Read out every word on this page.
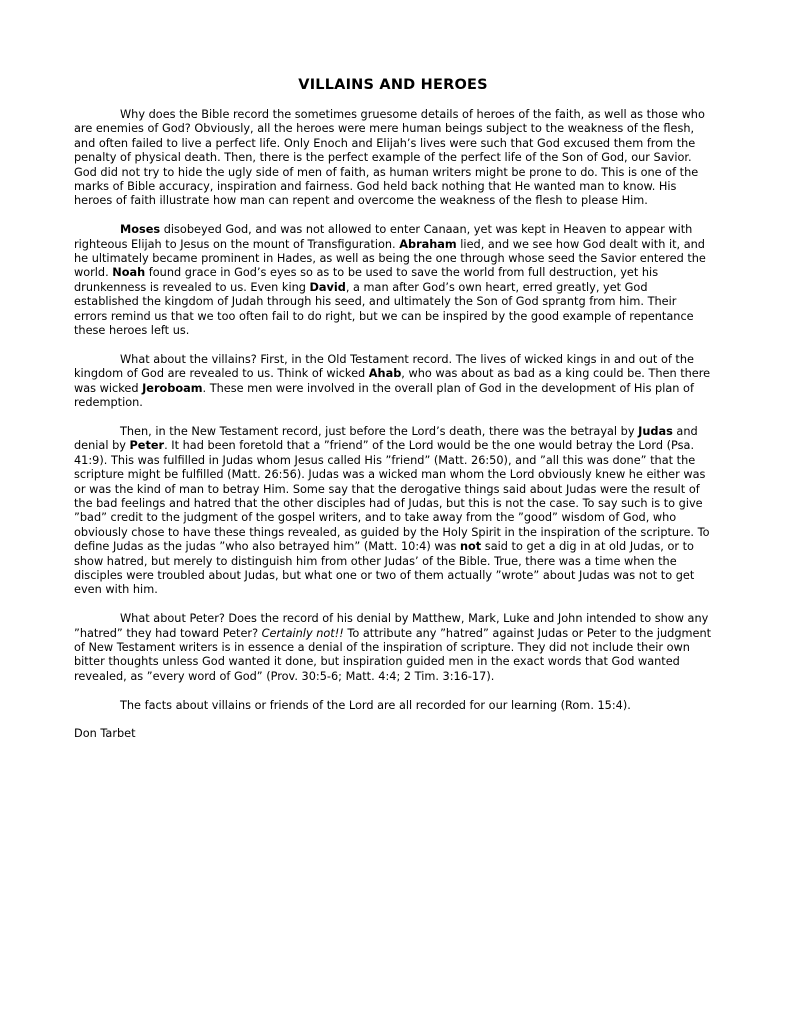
VILLAINS AND HEROES

Why does the Bible record the sometimes gruesome details of heroes of the faith, as well as those who are enemies of God? Obviously, all the heroes were mere human beings subject to the weakness of the flesh, and often failed to live a perfect life. Only Enoch and Elijah’s lives were such that God excused them from the penalty of physical death. Then, there is the perfect example of the perfect life of the Son of God, our Savior. God did not try to hide the ugly side of men of faith, as human writers might be prone to do. This is one of the marks of Bible accuracy, inspiration and fairness. God held back nothing that He wanted man to know. His heroes of faith illustrate how man can repent and overcome the weakness of the flesh to please Him.

Moses disobeyed God, and was not allowed to enter Canaan, yet was kept in Heaven to appear with righteous Elijah to Jesus on the mount of Transfiguration. Abraham lied, and we see how God dealt with it, and he ultimately became prominent in Hades, as well as being the one through whose seed the Savior entered the world. Noah found grace in God’s eyes so as to be used to save the world from full destruction, yet his drunkenness is revealed to us. Even king David, a man after God’s own heart, erred greatly, yet God established the kingdom of Judah through his seed, and ultimately the Son of God sprantg from him. Their errors remind us that we too often fail to do right, but we can be inspired by the good example of repentance these heroes left us.

What about the villains? First, in the Old Testament record. The lives of wicked kings in and out of the kingdom of God are revealed to us. Think of wicked Ahab, who was about as bad as a king could be. Then there was wicked Jeroboam. These men were involved in the overall plan of God in the development of His plan of redemption.

Then, in the New Testament record, just before the Lord’s death, there was the betrayal by Judas and denial by Peter. It had been foretold that a ”friend” of the Lord would be the one would betray the Lord (Psa. 41:9). This was fulfilled in Judas whom Jesus called His ”friend” (Matt. 26:50), and ”all this was done” that the scripture might be fulfilled (Matt. 26:56). Judas was a wicked man whom the Lord obviously knew he either was or was the kind of man to betray Him. Some say that the derogative things said about Judas were the result of the bad feelings and hatred that the other disciples had of Judas, but this is not the case. To say such is to give ”bad” credit to the judgment of the gospel writers, and to take away from the ”good” wisdom of God, who obviously chose to have these things revealed, as guided by the Holy Spirit in the inspiration of the scripture. To define Judas as the judas ”who also betrayed him” (Matt. 10:4) was not said to get a dig in at old Judas, or to show hatred, but merely to distinguish him from other Judas’ of the Bible. True, there was a time when the disciples were troubled about Judas, but what one or two of them actually ”wrote” about Judas was not to get even with him.

What about Peter? Does the record of his denial by Matthew, Mark, Luke and John intended to show any ”hatred” they had toward Peter? Certainly not!! To attribute any ”hatred” against Judas or Peter to the judgment of New Testament writers is in essence a denial of the inspiration of scripture. They did not include their own bitter thoughts unless God wanted it done, but inspiration guided men in the exact words that God wanted revealed, as ”every word of God” (Prov. 30:5-6; Matt. 4:4; 2 Tim. 3:16-17).

The facts about villains or friends of the Lord are all recorded for our learning (Rom. 15:4).

Don Tarbet
